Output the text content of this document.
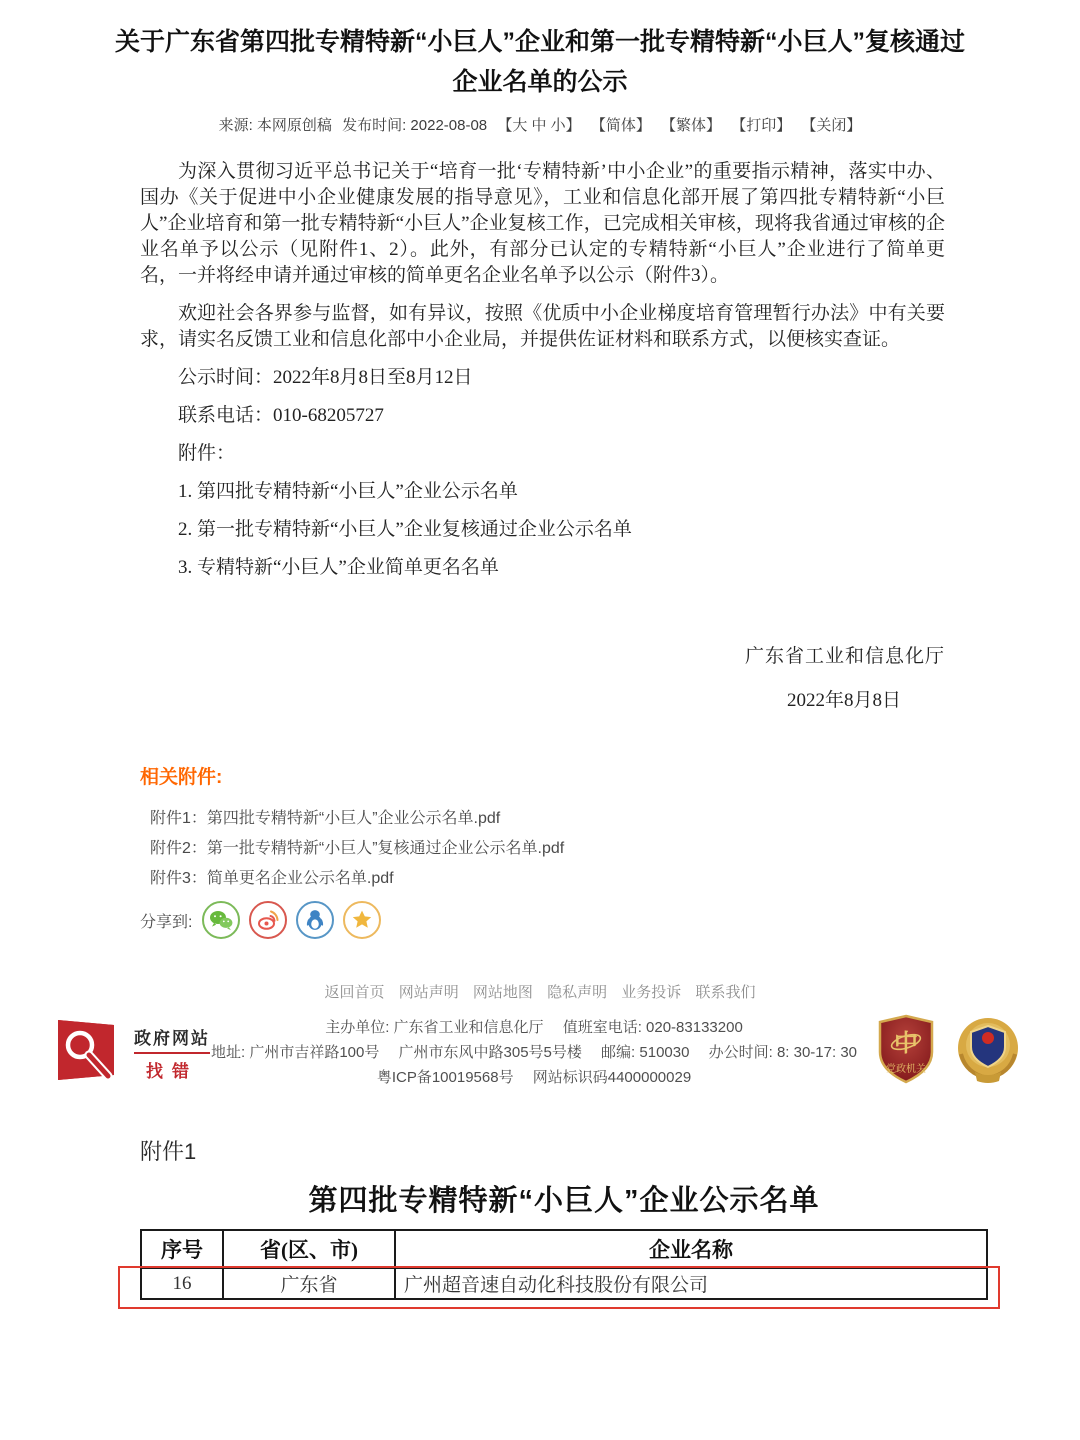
关于广东省第四批专精特新“小巨人”企业和第一批专精特新“小巨人”复核通过企业名单的公示
来源: 本网原创稿 发布时间: 2022-08-08 【大 中 小】 【简体】 【繁体】 【打印】 【关闭】

为深入贯彻习近平总书记关于“培育一批‘专精特新’中小企业”的重要指示精神，落实中办、国办《关于促进中小企业健康发展的指导意见》，工业和信息化部开展了第四批专精特新“小巨人”企业培育和第一批专精特新“小巨人”企业复核工作，已完成相关审核，现将我省通过审核的企业名单予以公示（见附件1、2）。此外，有部分已认定的专精特新“小巨人”企业进行了简单更名，一并将经申请并通过审核的简单更名企业名单予以公示（附件3）。

欢迎社会各界参与监督，如有异议，按照《优质中小企业梯度培育管理暂行办法》中有关要求，请实名反馈工业和信息化部中小企业局，并提供佐证材料和联系方式，以便核实查证。

公示时间：2022年8月8日至8月12日

联系电话：010-68205727

附件：

1. 第四批专精特新“小巨人”企业公示名单

2. 第一批专精特新“小巨人”企业复核通过企业公示名单

3. 专精特新“小巨人”企业简单更名名单

广东省工业和信息化厅
2022年8月8日
相关附件:
附件1：第四批专精特新“小巨人”企业公示名单.pdf
附件2：第一批专精特新“小巨人”复核通过企业公示名单.pdf
附件3：简单更名企业公示名单.pdf
分享到:
返回首页 网站声明 网站地图 隐私声明 业务投诉 联系我们
政府网站
找错
主办单位: 广东省工业和信息化厅　 值班室电话: 020-83133200
地址: 广州市吉祥路100号　 广州市东风中路305号5号楼　 邮编: 510030　 办公时间: 8: 30-17: 30
粤ICP备10019568号　 网站标识码4400000029
中
党政机关
附件1
第四批专精特新“小巨人”企业公示名单
序号	省(区、市)	企业名称
16	广东省	广州超音速自动化科技股份有限公司
